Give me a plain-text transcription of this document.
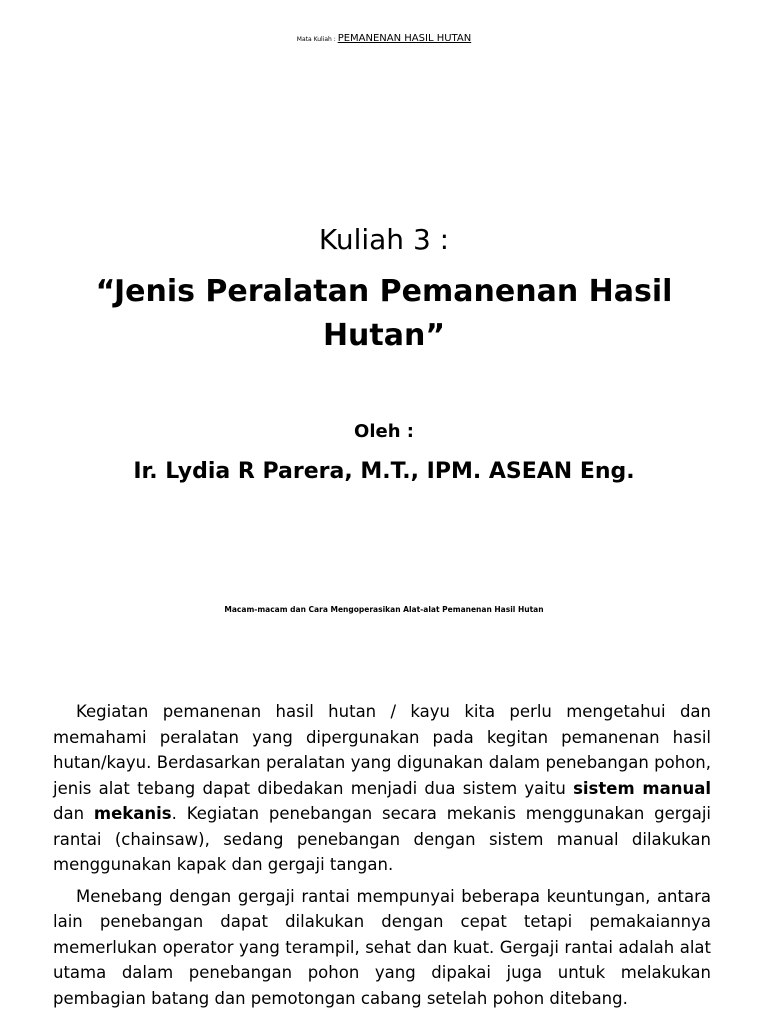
Mata Kuliah : PEMANENAN HASIL HUTAN
Kuliah 3 :
“Jenis Peralatan Pemanenan Hasil Hutan”
Oleh :
Ir. Lydia R Parera, M.T., IPM. ASEAN Eng.
Macam-macam dan Cara Mengoperasikan Alat-alat Pemanenan Hasil Hutan

Kegiatan pemanenan hasil hutan / kayu kita perlu mengetahui dan memahami peralatan yang dipergunakan pada kegitan pemanenan hasil hutan/kayu. Berdasarkan peralatan yang digunakan dalam penebangan pohon, jenis alat tebang dapat dibedakan menjadi dua sistem yaitu sistem manual dan mekanis. Kegiatan penebangan secara mekanis menggunakan gergaji rantai (chainsaw), sedang penebangan dengan sistem manual dilakukan menggunakan kapak dan gergaji tangan.

Menebang dengan gergaji rantai mempunyai beberapa keuntungan, antara lain penebangan dapat dilakukan dengan cepat tetapi pemakaiannya memerlukan operator yang terampil, sehat dan kuat. Gergaji rantai adalah alat utama dalam penebangan pohon yang dipakai juga untuk melakukan pembagian batang dan pemotongan cabang setelah pohon ditebang.
